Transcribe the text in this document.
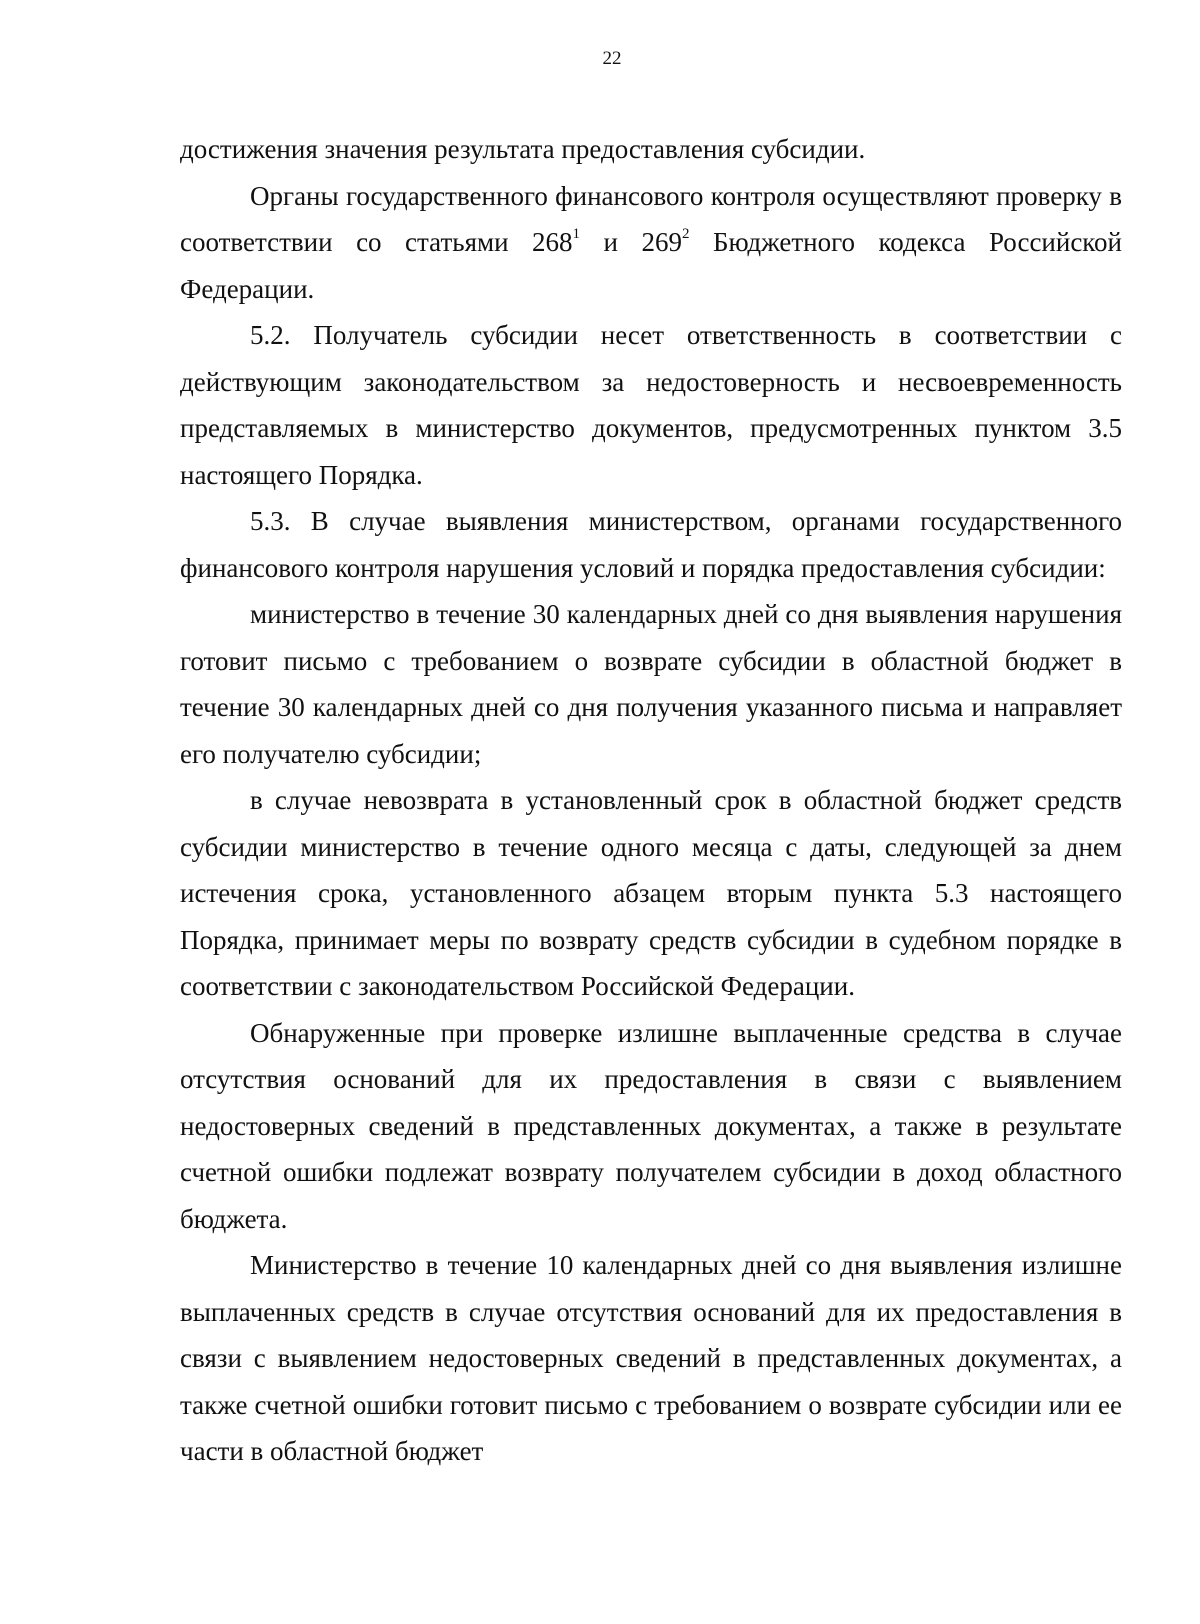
22

достижения значения результата предоставления субсидии.

Органы государственного финансового контроля осуществляют проверку в соответствии со статьями $268^1$ и $269^2$ Бюджетного кодекса Российской Федерации.

5.2. Получатель субсидии несет ответственность в соответствии с действующим законодательством за недостоверность и несвоевременность представляемых в министерство документов, предусмотренных пунктом 3.5 настоящего Порядка.

5.3. В случае выявления министерством, органами государственного финансового контроля нарушения условий и порядка предоставления субсидии:

министерство в течение 30 календарных дней со дня выявления нарушения готовит письмо с требованием о возврате субсидии в областной бюджет в течение 30 календарных дней со дня получения указанного письма и направляет его получателю субсидии;

в случае невозврата в установленный срок в областной бюджет средств субсидии министерство в течение одного месяца с даты, следующей за днем истечения срока, установленного абзацем вторым пункта 5.3 настоящего Порядка, принимает меры по возврату средств субсидии в судебном порядке в соответствии с законодательством Российской Федерации.

Обнаруженные при проверке излишне выплаченные средства в случае отсутствия оснований для их предоставления в связи с выявлением недостоверных сведений в представленных документах, а также в результате счетной ошибки подлежат возврату получателем субсидии в доход областного бюджета.

Министерство в течение 10 календарных дней со дня выявления излишне выплаченных средств в случае отсутствия оснований для их предоставления в связи с выявлением недостоверных сведений в представленных документах, а также счетной ошибки готовит письмо с требованием о возврате субсидии или ее части в областной бюджет
